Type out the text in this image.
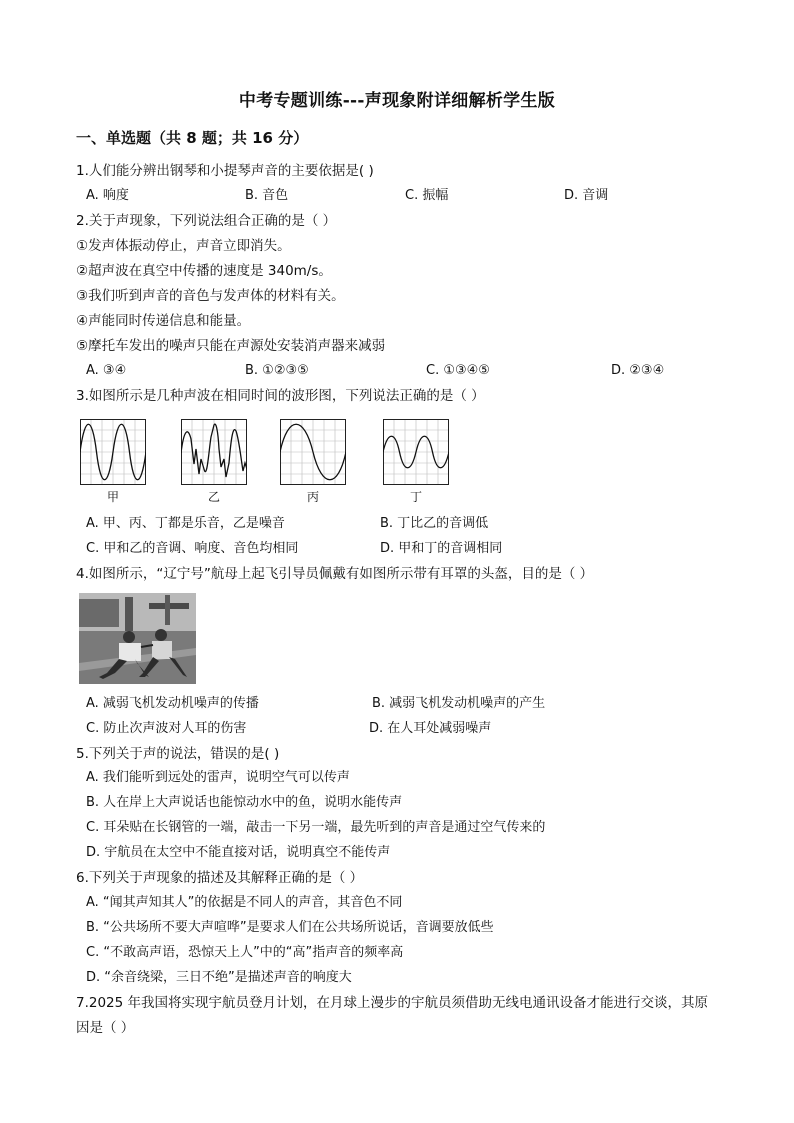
中考专题训练---声现象附详细解析学生版
一、单选题（共 8 题；共 16 分）
1.人们能分辨出钢琴和小提琴声音的主要依据是( )
A. 响度	B. 音色	C. 振幅	D. 音调
2.关于声现象，下列说法组合正确的是（ ）
①发声体振动停止，声音立即消失。
②超声波在真空中传播的速度是 340m/s。
③我们听到声音的音色与发声体的材料有关。
④声能同时传递信息和能量。
⑤摩托车发出的噪声只能在声源处安装消声器来减弱
A. ③④	B. ①②③⑤	C. ①③④⑤	D. ②③④
3.如图所示是几种声波在相同时间的波形图，下列说法正确的是（ ）
甲	乙	丙	丁
A. 甲、丙、丁都是乐音，乙是噪音	B. 丁比乙的音调低
C. 甲和乙的音调、响度、音色均相同	D. 甲和丁的音调相同
4.如图所示，“辽宁号”航母上起飞引导员佩戴有如图所示带有耳罩的头盔，目的是（ ）
A. 减弱飞机发动机噪声的传播	B. 减弱飞机发动机噪声的产生
C. 防止次声波对人耳的伤害	D. 在人耳处减弱噪声
5.下列关于声的说法，错误的是( )
A. 我们能听到远处的雷声，说明空气可以传声
B. 人在岸上大声说话也能惊动水中的鱼，说明水能传声
C. 耳朵贴在长钢管的一端，敲击一下另一端，最先听到的声音是通过空气传来的
D. 宇航员在太空中不能直接对话，说明真空不能传声
6.下列关于声现象的描述及其解释正确的是（ ）
A. “闻其声知其人”的依据是不同人的声音，其音色不同
B. “公共场所不要大声喧哗”是要求人们在公共场所说话，音调要放低些
C. “不敢高声语，恐惊天上人”中的“高”指声音的频率高
D. “余音绕梁，三日不绝”是描述声音的响度大
7.2025 年我国将实现宇航员登月计划，在月球上漫步的宇航员须借助无线电通讯设备才能进行交谈，其原
因是（ ）
